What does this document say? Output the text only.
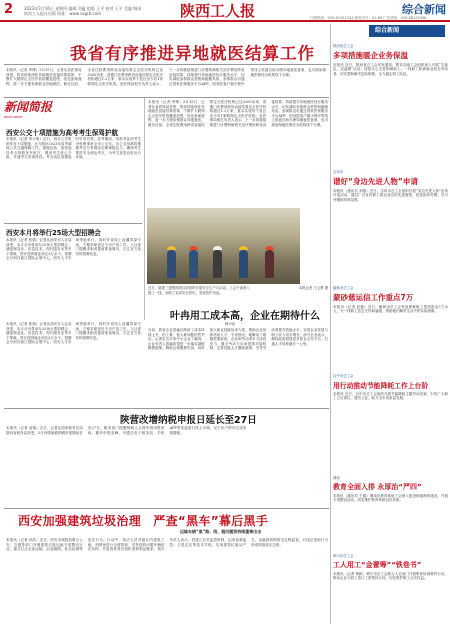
2	2023年3月16日 星期四 编辑 刘蕴 组版 王平 校对 王平 美编 韩国
陕西工人报社出版 网址：www.sxgrb.com	陕西工人报	综合新闻
订阅热线：029-87451234 邮发代号：51-89 广告热线：029-88123456
我省有序推进异地就医结算工作
本报讯（记者 李博）3月15日，记者从省医保局获悉，我省持续深化异地就医直接结算改革，不断扩大联网定点医疗机构覆盖范围，优化备案流程，进一步方便参保群众异地就医。截至目前，全省住院费用跨省直接结算定点医疗机构已达3200余家，普通门诊费用跨省直接结算定点医疗机构超过1.2万家，基本实现每个县区至少有1家联网定点医疗机构。省医保局相关负责人表示，下一步将继续推进门诊慢特病相关治疗费用跨省直接结算，持续提升异地就医经办服务水平，切实减轻参保群众垫资和跑腿负担。参保群众可通过国家医保服务平台APP、国务院客户端小程序等线上渠道自助办理异地就医备案，也可到参保地医保经办机构线下办理。
新闻简报
NEWS BRIEF
西安公交十项措施为高考考生保驾护航
本报讯（记者 李小萌）近日，西安公交集团发布十项措施，全力做好2023年高考期间公共交通保障工作。措施包括：加密途经考点线路发车班次、增设考生爱心专座、开通考生咨询热线、考点周边设置临时引导员等。高考期间，持准考证的考生可免费乘坐全市公交车。各公交线路将根据考点分布情况合理调配运力，确保考生准时安全到达考点，为考生营造良好出行环境。
西安本月将举行25场大型招聘会
本报讯（记者 张倩）记者从西安市人社局获悉，本月全市将举办25场大型招聘会，涵盖制造业、信息技术、现代服务业等多个领域，预计提供就业岗位3万余个。招聘会分别在曲江国际会展中心、西安人才市场等地举行，同时开设线上直播带岗专场，方便求职者足不出户找工作。人社部门提醒求职者提前准备简历，关注官方发布的招聘信息。
本报讯（记者 李博）3月15日，记者从省医保局获悉，我省持续深化异地就医直接结算改革，不断扩大联网定点医疗机构覆盖范围，优化备案流程，进一步方便参保群众异地就医。截至目前，全省住院费用跨省直接结算定点医疗机构已达3200余家，普通门诊费用跨省直接结算定点医疗机构超过1.2万家，基本实现每个县区至少有1家联网定点医疗机构。省医保局相关负责人表示，下一步将继续推进门诊慢特病相关治疗费用跨省直接结算，持续提升异地就医经办服务水平，切实减轻参保群众垫资和跑腿负担。参保群众可通过国家医保服务平台APP、国务院客户端小程序等线上渠道自助办理异地就医备案，也可到参保地医保经办机构线下办理。
近日，陕建三建集团项目部组织开展安全生产月活动，工会干部深入施工一线，向职工宣讲安全知识，发放防护用品。
本报记者 王文慧 摄
叶冉用工成本高，企业在期待什么
韩小泉
当前，我省企业普遍反映用工成本持续上升，招工难、留人难问题依然突出。记者走访多家中小企业了解到，企业负责人普遍希望进一步落实减税降费政策，降低社保缴费负担，同时加大职业技能培训力度，帮助企业培养适用人才。专家指出，破解用工难题需要政府、企业和劳动者多方协同发力，健全劳动力市场供需对接机制，完善技能人才激励政策，引导劳动者提升技能水平，实现企业发展与职工收入同步增长。部分企业表示，期待政府搭建更多校企合作平台，打通人才培养最后一公里。
本报讯（记者 张倩）记者从西安市人社局获悉，本月全市将举办25场大型招聘会，涵盖制造业、信息技术、现代服务业等多个领域，预计提供就业岗位3万余个。招聘会分别在曲江国际会展中心、西安人才市场等地举行，同时开设线上直播带岗专场，方便求职者足不出户找工作。人社部门提醒求职者提前准备简历，关注官方发布的招聘信息。
陕营改增纳税申报日延长至27日
本报讯（记者 高翔）近日，记者从国家税务总局陕西省税务局获悉，3月份增值税纳税申报期延长至27日。税务部门提醒纳税人合理安排申报时间，避开申报高峰，可通过电子税务局、手机APP等渠道进行线上办理，足不出户即可完成申报缴税。
西安加强建筑垃圾治理　严查“黑车”幕后黑手
运输车辆“黑”路、闯、超问题将持续重拳出击
本报讯（记者 孙浩）近日，西安市城管局联合公安、交通等部门开展建筑垃圾运输专项整治行动，重点打击无证运输、沿途抛洒、私拉乱倒等违法行为。行动中，执法人员对辖区内建筑工地、消纳场进行全面排查，对发现的问题车辆依法扣押，并追查其背后组织者和利益链条。相关负责人表示，将建立长效监管机制，运用视频监控、卫星定位等技术手段，实现建筑垃圾从产生、运输到消纳的全过程监管，对违法违规行为形成持续高压态势。
综合新闻
陕西省总工会
多项措施暖企业务保温
本报讯 近日，陕西省总工会印发通知，要求各级工会组织深入开展“走基层、送温暖”活动，持续关心关爱困难职工、一线职工和新就业形态劳动者，切实帮助解决实际困难，全力稳定职工队伍。
宝鸡市
谱好“身边先进人物”申请
本报讯（通讯员 刘强）近日，宝鸡市总工会组织开展“身边先进人物”宣传评选活动，通过广泛宣传职工群众身边的先进典型，营造崇尚劳模、学习劳模的浓厚氛围。
榆林市总工会
蒙砂慈运信工作重点7万
本报讯（记者 赵磊）近日，榆林市总工会发放困难职工帮扶资金7万余元，为一线职工送去关怀和温暖，帮助他们解决生活中的实际困难。
汉中市总工会
用行动推动节能降耗工作上台阶
本报讯 近日，汉中市总工会组织开展节能降耗主题劳动竞赛，引导广大职工立足岗位、建功立业，助力全市高质量发展。
渭南
教育全面入排 永厚治“严四”
本报讯（通讯员 王娟）渭南市教育系统工会深入推进师德师风建设，开展专项整治活动，切实维护教育系统良好形象。
铜川市总工会
工人用工“金蕾筹”“铁卷书”
本报讯（记者 杨帆）铜川市总工会联合人社部门开展集体协商要约行动，推动企业与职工签订工资集体合同，切实维护职工合法权益。
